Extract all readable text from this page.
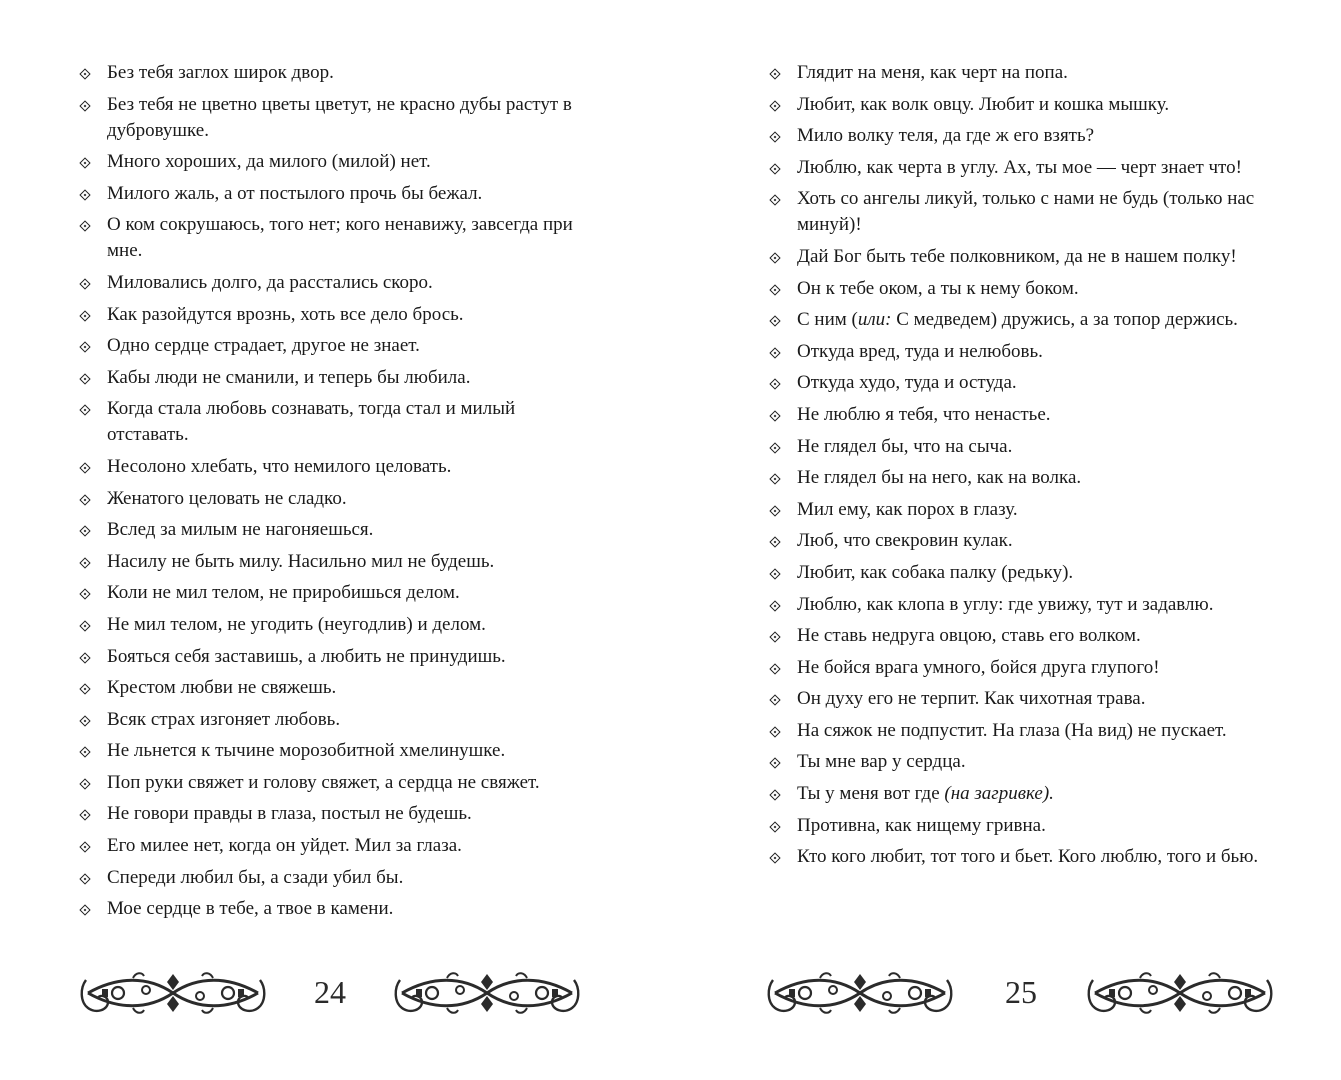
Без тебя заглох широк двор.
Без тебя не цветно цветы цветут, не красно дубы растут в дубровушке.
Много хороших, да милого (милой) нет.
Милого жаль, а от постылого прочь бы бежал.
О ком сокрушаюсь, того нет; кого ненавижу, завсегда при мне.
Миловались долго, да расстались скоро.
Как разойдутся врознь, хоть все дело брось.
Одно сердце страдает, другое не знает.
Кабы люди не сманили, и теперь бы любила.
Когда стала любовь сознавать, тогда стал и милый отставать.
Несолоно хлебать, что немилого целовать.
Женатого целовать не сладко.
Вслед за милым не нагоняешься.
Насилу не быть милу. Насильно мил не будешь.
Коли не мил телом, не приробишься делом.
Не мил телом, не угодить (неугодлив) и делом.
Бояться себя заставишь, а любить не принудишь.
Крестом любви не свяжешь.
Всяк страх изгоняет любовь.
Не льнется к тычине морозобитной хмелинушке.
Поп руки свяжет и голову свяжет, а сердца не свяжет.
Не говори правды в глаза, постыл не будешь.
Его милее нет, когда он уйдет. Мил за глаза.
Спереди любил бы, а сзади убил бы.
Мое сердце в тебе, а твое в камени.
24
Глядит на меня, как черт на попа.
Любит, как волк овцу. Любит и кошка мышку.
Мило волку теля, да где ж его взять?
Люблю, как черта в углу. Ах, ты мое — черт знает что!
Хоть со ангелы ликуй, только с нами не будь (только нас минуй)!
Дай Бог быть тебе полковником, да не в нашем полку!
Он к тебе оком, а ты к нему боком.
С ним (или: С медведем) дружись, а за топор держись.
Откуда вред, туда и нелюбовь.
Откуда худо, туда и остуда.
Не люблю я тебя, что ненастье.
Не глядел бы, что на сыча.
Не глядел бы на него, как на волка.
Мил ему, как порох в глазу.
Люб, что свекровин кулак.
Любит, как собака палку (редьку).
Люблю, как клопа в углу: где увижу, тут и задавлю.
Не ставь недруга овцою, ставь его волком.
Не бойся врага умного, бойся друга глупого!
Он духу его не терпит. Как чихотная трава.
На сяжок не подпустит. На глаза (На вид) не пускает.
Ты мне вар у сердца.
Ты у меня вот где (на загривке).
Противна, как нищему гривна.
Кто кого любит, тот того и бьет. Кого люблю, того и бью.
25
